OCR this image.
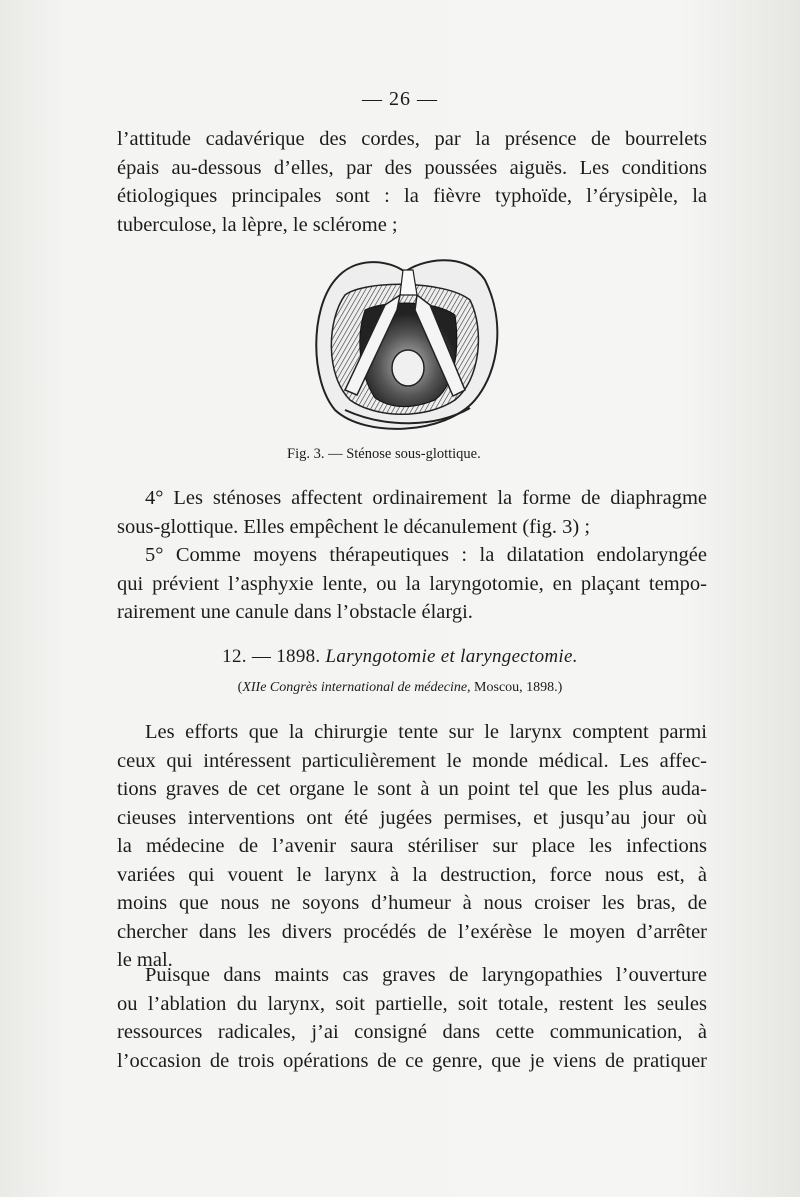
— 26 —
l’attitude cadavérique des cordes, par la présence de bourrelets
épais au-dessous d’elles, par des poussées aiguës. Les conditions
étiologiques principales sont : la fièvre typhoïde, l’érysipèle, la
tuberculose, la lèpre, le sclérome ;
Fig. 3. — Sténose sous-glottique.
4° Les sténoses affectent ordinairement la forme de diaphragme
sous-glottique. Elles empêchent le décanulement (fig. 3) ;
5° Comme moyens thérapeutiques : la dilatation endolaryngée
qui prévient l’asphyxie lente, ou la laryngotomie, en plaçant tempo-
rairement une canule dans l’obstacle élargi.
12. — 1898. Laryngotomie et laryngectomie.
(XIIe Congrès international de médecine, Moscou, 1898.)
Les efforts que la chirurgie tente sur le larynx comptent parmi
ceux qui intéressent particulièrement le monde médical. Les affec-
tions graves de cet organe le sont à un point tel que les plus auda-
cieuses interventions ont été jugées permises, et jusqu’au jour où
la médecine de l’avenir saura stériliser sur place les infections
variées qui vouent le larynx à la destruction, force nous est, à
moins que nous ne soyons d’humeur à nous croiser les bras, de
chercher dans les divers procédés de l’exérèse le moyen d’arrêter
le mal.
Puisque dans maints cas graves de laryngopathies l’ouverture
ou l’ablation du larynx, soit partielle, soit totale, restent les seules
ressources radicales, j’ai consigné dans cette communication, à
l’occasion de trois opérations de ce genre, que je viens de pratiquer
